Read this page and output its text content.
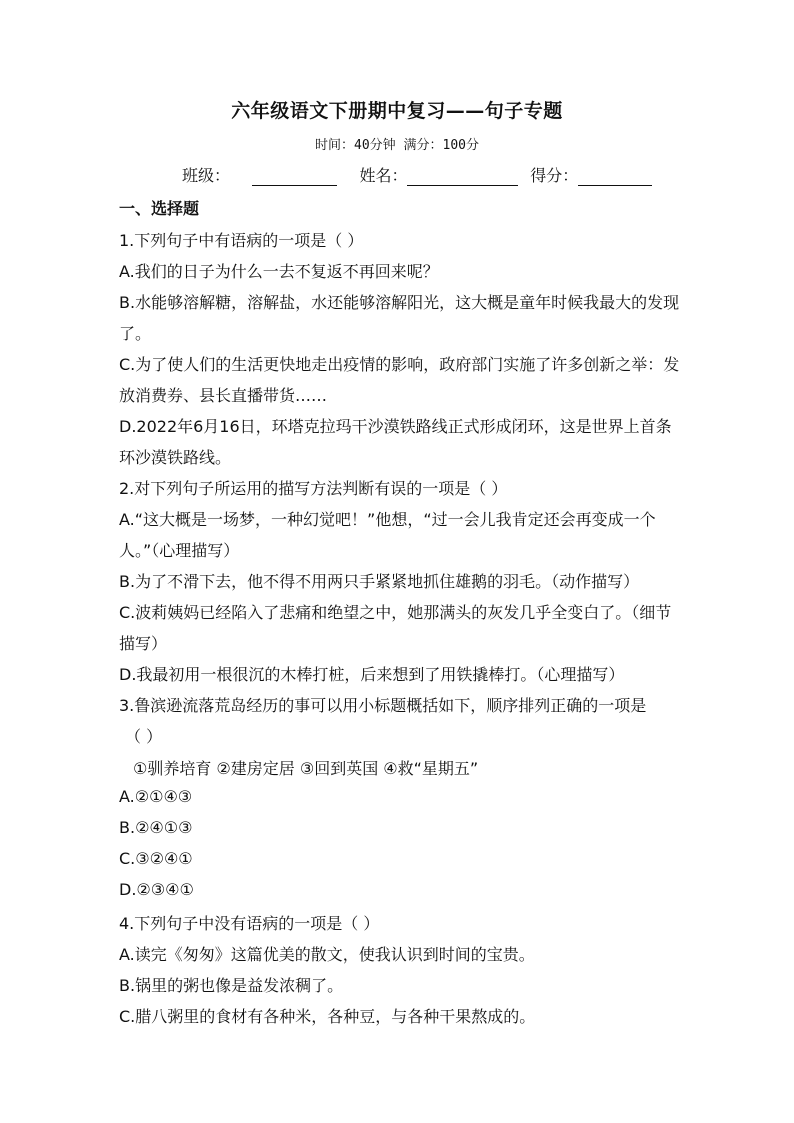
六年级语文下册期中复习——句子专题
时间：40分钟 满分：100分
班级：	姓名：	得分：
一、选择题
1.下列句子中有语病的一项是（ ）
A.我们的日子为什么一去不复返不再回来呢？
B.水能够溶解糖，溶解盐，水还能够溶解阳光，这大概是童年时候我最大的发现
了。
C.为了使人们的生活更快地走出疫情的影响，政府部门实施了许多创新之举：发
放消费券、县长直播带货……
D.2022年6月16日，环塔克拉玛干沙漠铁路线正式形成闭环，这是世界上首条
环沙漠铁路线。
2.对下列句子所运用的描写方法判断有误的一项是（ ）
A.“这大概是一场梦，一种幻觉吧！”他想，“过一会儿我肯定还会再变成一个
人。”（心理描写）
B.为了不滑下去，他不得不用两只手紧紧地抓住雄鹅的羽毛。（动作描写）
C.波莉姨妈已经陷入了悲痛和绝望之中，她那满头的灰发几乎全变白了。（细节
描写）
D.我最初用一根很沉的木棒打桩，后来想到了用铁撬棒打。（心理描写）
3.鲁滨逊流落荒岛经历的事可以用小标题概括如下，顺序排列正确的一项是
（ ）
①驯养培育 ②建房定居 ③回到英国 ④救“星期五”
A.②①④③
B.②④①③
C.③②④①
D.②③④①
4.下列句子中没有语病的一项是（ ）
A.读完《匆匆》这篇优美的散文，使我认识到时间的宝贵。
B.锅里的粥也像是益发浓稠了。
C.腊八粥里的食材有各种米，各种豆，与各种干果熬成的。
